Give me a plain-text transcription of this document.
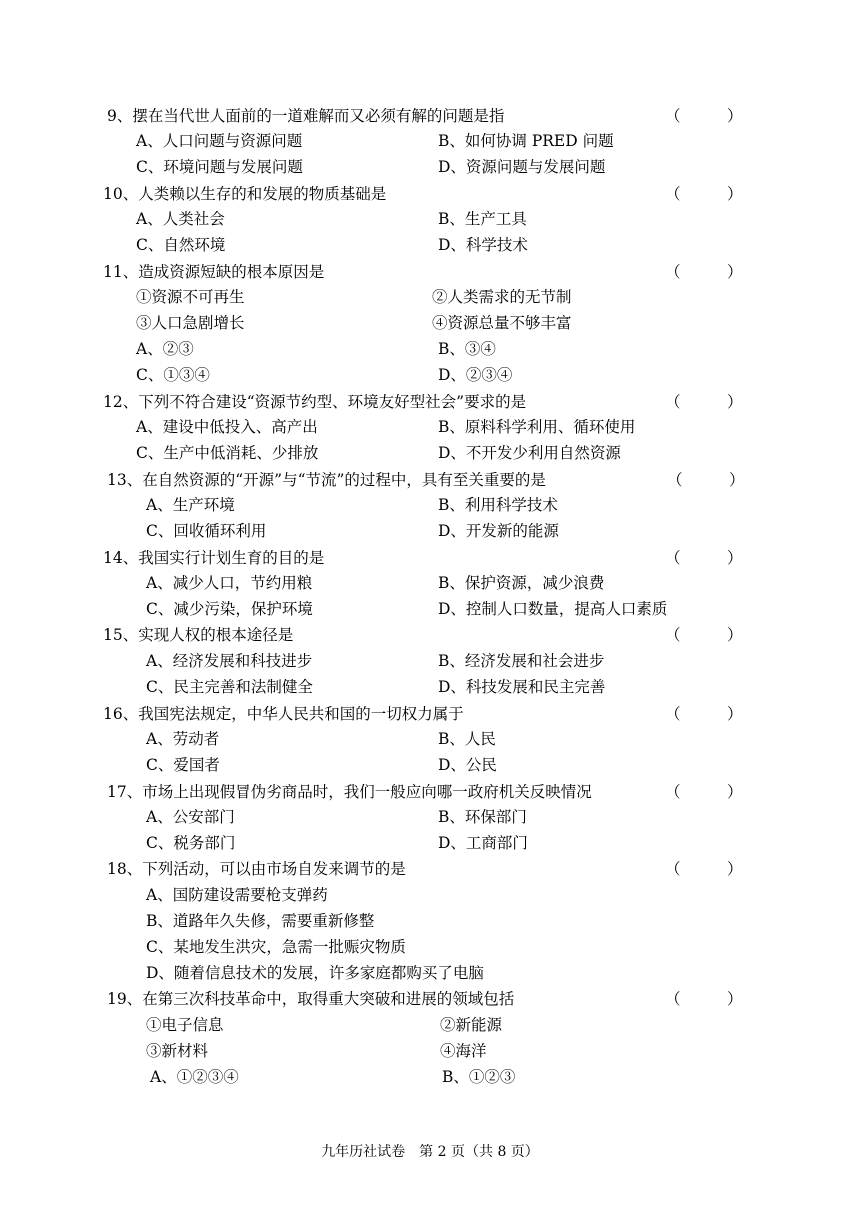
9、摆在当代世人面前的一道难解而又必须有解的问题是指	（　　　）
A、人口问题与资源问题	B、如何协调 PRED 问题
C、环境问题与发展问题	D、资源问题与发展问题
10、人类赖以生存的和发展的物质基础是	（　　　）
A、人类社会	B、生产工具
C、自然环境	D、科学技术
11、造成资源短缺的根本原因是	（　　　）
①资源不可再生	②人类需求的无节制
③人口急剧增长	④资源总量不够丰富
A、②③	B、③④
C、①③④	D、②③④
12、下列不符合建设“资源节约型、环境友好型社会”要求的是	（　　　）
A、建设中低投入、高产出	B、原料科学利用、循环使用
C、生产中低消耗、少排放	D、不开发少利用自然资源
13、在自然资源的“开源”与“节流”的过程中，具有至关重要的是	（　　　）
A、生产环境	B、利用科学技术
C、回收循环利用	D、开发新的能源
14、我国实行计划生育的目的是	（　　　）
A、减少人口，节约用粮	B、保护资源，减少浪费
C、减少污染，保护环境	D、控制人口数量，提高人口素质
15、实现人权的根本途径是	（　　　）
A、经济发展和科技进步	B、经济发展和社会进步
C、民主完善和法制健全	D、科技发展和民主完善
16、我国宪法规定，中华人民共和国的一切权力属于	（　　　）
A、劳动者	B、人民
C、爱国者	D、公民
17、市场上出现假冒伪劣商品时，我们一般应向哪一政府机关反映情况	（　　　）
A、公安部门	B、环保部门
C、税务部门	D、工商部门
18、下列活动，可以由市场自发来调节的是	（　　　）
A、国防建设需要枪支弹药
B、道路年久失修，需要重新修整
C、某地发生洪灾，急需一批赈灾物质
D、随着信息技术的发展，许多家庭都购买了电脑
19、在第三次科技革命中，取得重大突破和进展的领域包括	（　　　）
①电子信息	②新能源
③新材料	④海洋
A、①②③④	B、①②③
九年历社试卷　第 2 页（共 8 页）
